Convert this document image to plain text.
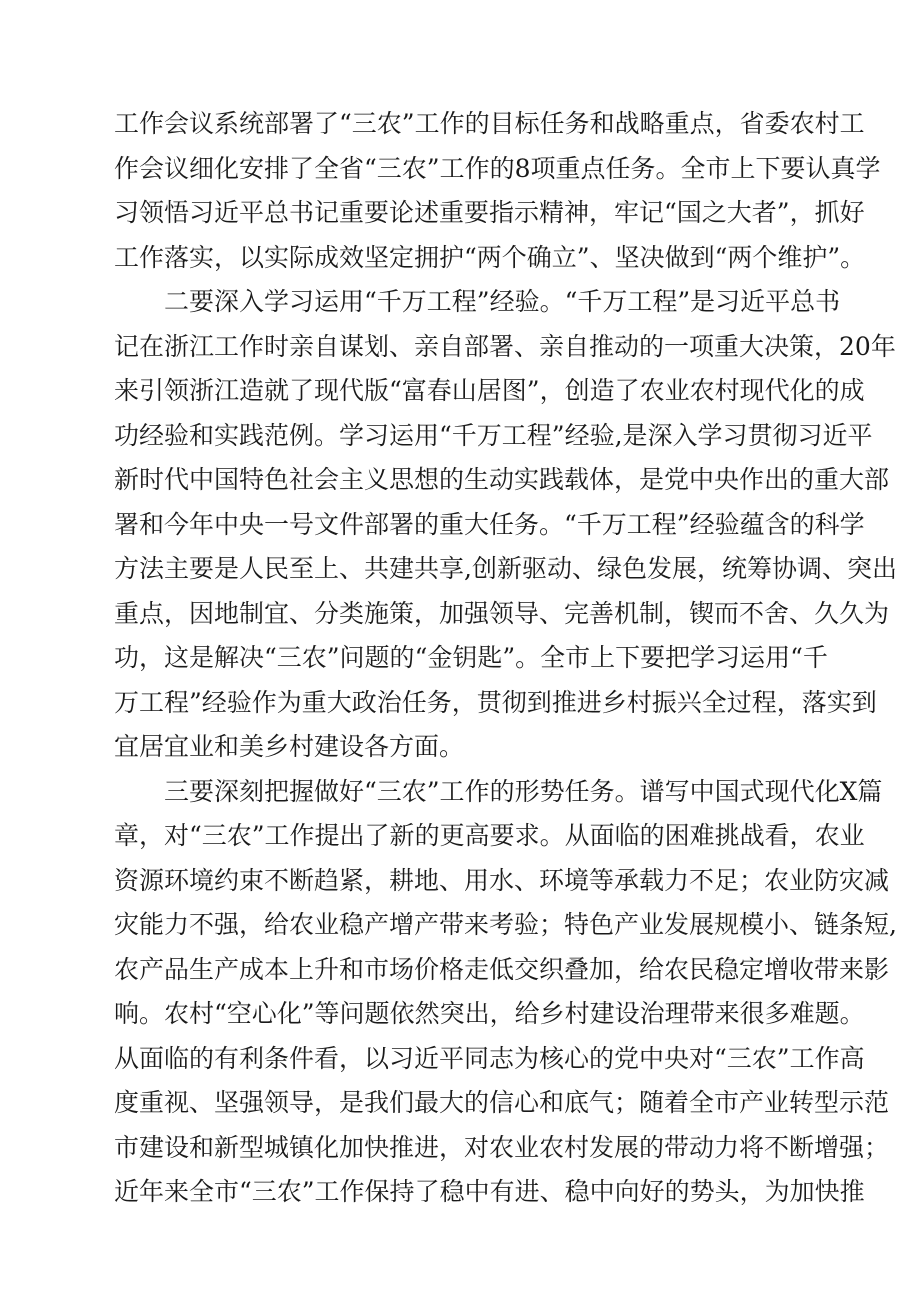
工作会议系统部署了“三农”工作的目标任务和战略重点，省委农村工
作会议细化安排了全省“三农”工作的8项重点任务。全市上下要认真学
习领悟习近平总书记重要论述重要指示精神，牢记“国之大者”，抓好
工作落实，以实际成效坚定拥护“两个确立”、坚决做到“两个维护”。
二要深入学习运用“千万工程”经验。“千万工程”是习近平总书
记在浙江工作时亲自谋划、亲自部署、亲自推动的一项重大决策，20年
来引领浙江造就了现代版“富春山居图”，创造了农业农村现代化的成
功经验和实践范例。学习运用“千万工程”经验,是深入学习贯彻习近平
新时代中国特色社会主义思想的生动实践载体，是党中央作出的重大部
署和今年中央一号文件部署的重大任务。“千万工程”经验蕴含的科学
方法主要是人民至上、共建共享,创新驱动、绿色发展，统筹协调、突出
重点，因地制宜、分类施策，加强领导、完善机制，锲而不舍、久久为
功，这是解决“三农”问题的“金钥匙”。全市上下要把学习运用“千
万工程”经验作为重大政治任务，贯彻到推进乡村振兴全过程，落实到
宜居宜业和美乡村建设各方面。
三要深刻把握做好“三农”工作的形势任务。谱写中国式现代化X篇
章，对“三农”工作提出了新的更高要求。从面临的困难挑战看，农业
资源环境约束不断趋紧，耕地、用水、环境等承载力不足；农业防灾减
灾能力不强，给农业稳产增产带来考验；特色产业发展规模小、链条短,
农产品生产成本上升和市场价格走低交织叠加，给农民稳定增收带来影
响。农村“空心化”等问题依然突出，给乡村建设治理带来很多难题。
从面临的有利条件看，以习近平同志为核心的党中央对“三农”工作高
度重视、坚强领导，是我们最大的信心和底气；随着全市产业转型示范
市建设和新型城镇化加快推进，对农业农村发展的带动力将不断增强；
近年来全市“三农”工作保持了稳中有进、稳中向好的势头，为加快推
